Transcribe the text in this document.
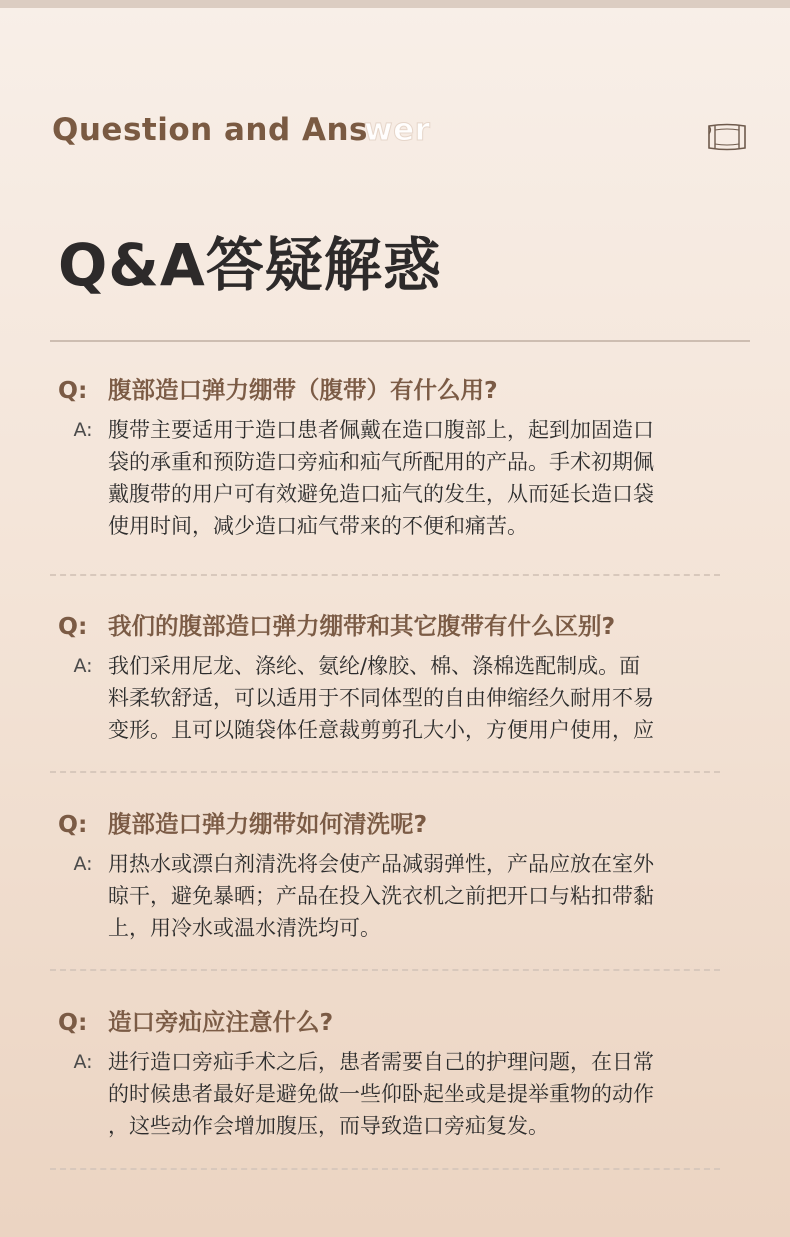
Question and Answer
Q&A答疑解惑
Q: 腹部造口弹力绷带（腹带）有什么用?
A: 腹带主要适用于造口患者佩戴在造口腹部上，起到加固造口
袋的承重和预防造口旁疝和疝气所配用的产品。手术初期佩
戴腹带的用户可有效避免造口疝气的发生，从而延长造口袋
使用时间，减少造口疝气带来的不便和痛苦。
Q: 我们的腹部造口弹力绷带和其它腹带有什么区别?
A: 我们采用尼龙、涤纶、氨纶/橡胶、棉、涤棉选配制成。面
料柔软舒适，可以适用于不同体型的自由伸缩经久耐用不易
变形。且可以随袋体任意裁剪剪孔大小，方便用户使用，应
Q: 腹部造口弹力绷带如何清洗呢?
A: 用热水或漂白剂清洗将会使产品减弱弹性，产品应放在室外
晾干，避免暴晒；产品在投入洗衣机之前把开口与粘扣带黏
上，用冷水或温水清洗均可。
Q: 造口旁疝应注意什么?
A: 进行造口旁疝手术之后，患者需要自己的护理问题，在日常
的时候患者最好是避免做一些仰卧起坐或是提举重物的动作
，这些动作会增加腹压，而导致造口旁疝复发。
